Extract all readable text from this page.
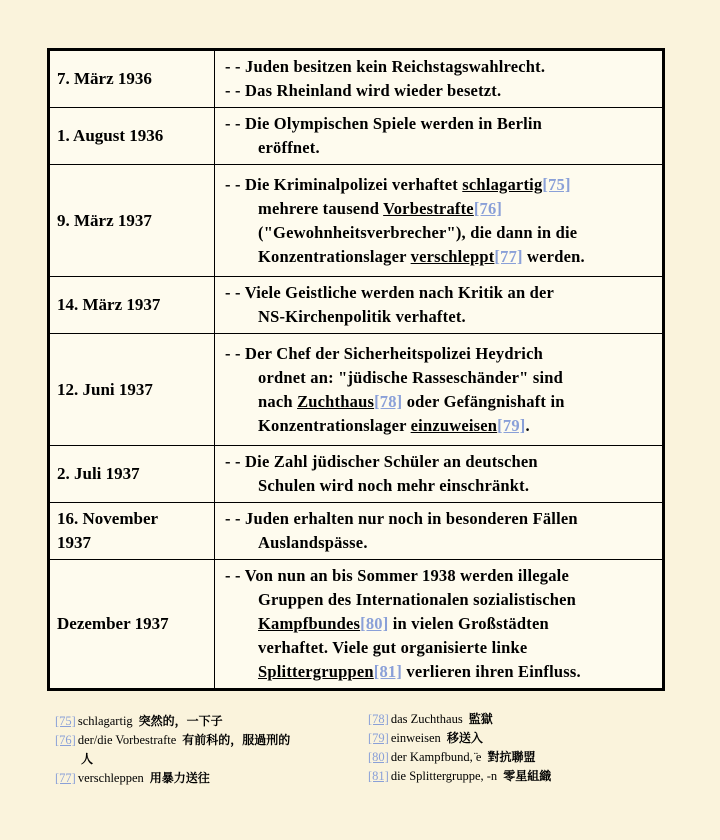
7. März 1936	- - Juden besitzen kein Reichstagswahlrecht.
- - Das Rheinland wird wieder besetzt.

1. August 1936	- - Die Olympischen Spiele werden in Berlin
eröffnet.

9. März 1937	- - Die Kriminalpolizei verhaftet schlagartig[75]
mehrere tausend Vorbestrafte[76]
("Gewohnheitsverbrecher"), die dann in die
Konzentrationslager verschleppt[77] werden.

14. März 1937	- - Viele Geistliche werden nach Kritik an der
NS-Kirchenpolitik verhaftet.

12. Juni 1937	- - Der Chef der Sicherheitspolizei Heydrich
ordnet an: "jüdische Rasseschänder" sind
nach Zuchthaus[78] oder Gefängnishaft in
Konzentrationslager einzuweisen[79].

2. Juli 1937	- - Die Zahl jüdischer Schüler an deutschen
Schulen wird noch mehr einschränkt.

16. November
1937	- - Juden erhalten nur noch in besonderen Fällen
Auslandspässe.

Dezember 1937	- - Von nun an bis Sommer 1938 werden illegale
Gruppen des Internationalen sozialistischen
Kampfbundes[80] in vielen Großstädten
verhaftet. Viele gut organisierte linke
Splittergruppen[81] verlieren ihren Einfluss.
[75] schlagartig 突然的，一下子
[76] der/die Vorbestrafte 有前科的，服過刑的
人
[77] verschleppen 用暴力送往
[78] das Zuchthaus 監獄
[79] einweisen 移送入
[80] der Kampfbund, ̈e 對抗聯盟
[81] die Splittergruppe, -n 零星組織
